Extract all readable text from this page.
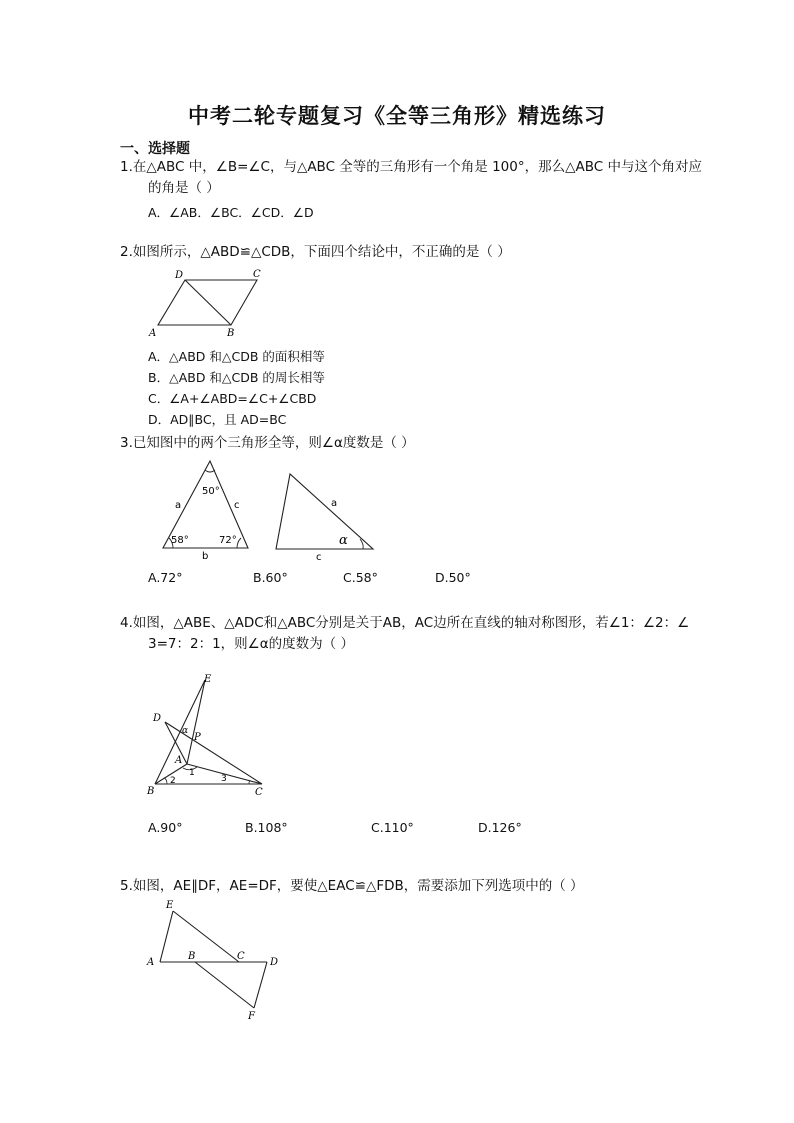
中考二轮专题复习《全等三角形》精选练习
一、选择题
1.在△ABC 中，∠B=∠C，与△ABC 全等的三角形有一个角是 100°，那么△ABC 中与这个角对应
的角是（ ）
A．∠AB．∠BC．∠CD．∠D
2.如图所示，△ABD≌△CDB，下面四个结论中，不正确的是（ ）
D	C
A	B
A．△ABD 和△CDB 的面积相等
B．△ABD 和△CDB 的周长相等
C．∠A+∠ABD=∠C+∠CBD
D．AD∥BC，且 AD=BC
3.已知图中的两个三角形全等，则∠α度数是（ ）
a
50°
c
58°	72°
b
a
α
c
A.72°	B.60°	C.58°	D.50°
4.如图，△ABE、△ADC和△ABC分别是关于AB，AC边所在直线的轴对称图形，若∠1：∠2：∠
3=7：2：1，则∠α的度数为（ ）
E
D
α
P
A
1
2	3
B	C
A.90°	B.108°	C.110°	D.126°
5.如图，AE∥DF，AE=DF，要使△EAC≌△FDB，需要添加下列选项中的（ ）
E
A
B	C
D
F
